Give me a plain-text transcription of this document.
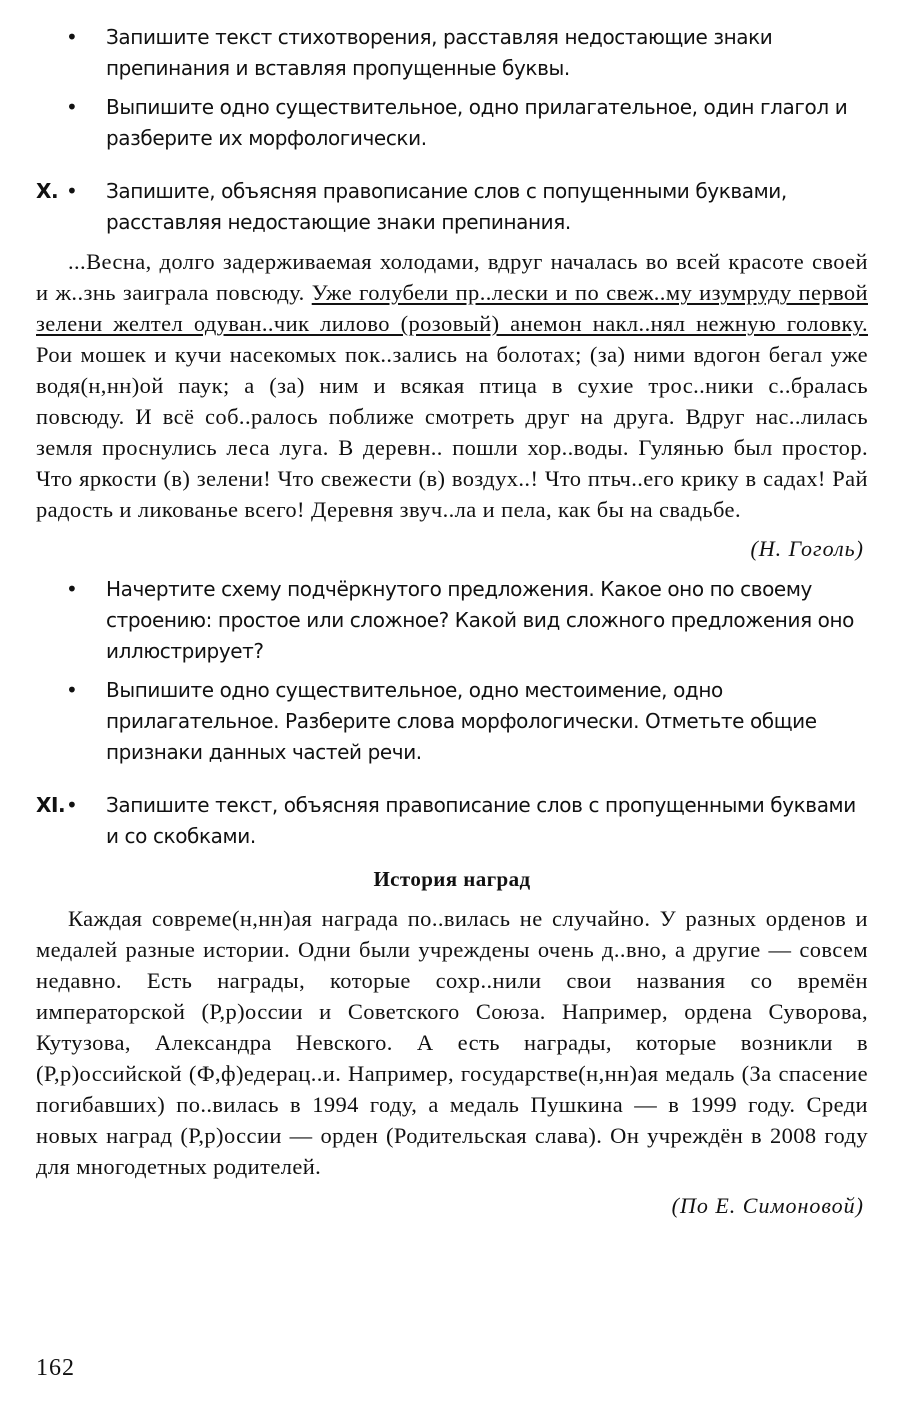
• Запишите текст стихотворения, расставляя недостающие знаки препинания и вставляя пропущенные буквы.
• Выпишите одно существительное, одно прилагательное, один глагол и разберите их морфологически.
X. • Запишите, объясняя правописание слов с попущенными буквами, расставляя недостающие знаки препинания.

...Весна, долго задерживаемая холодами, вдруг началась во всей красоте своей и ж..знь заиграла повсюду. Уже голубели пр..лески и по свеж..му изумруду первой зелени желтел одуван..чик лилово (розовый) анемон накл..нял нежную головку. Рои мошек и кучи насекомых пок..зались на болотах; (за) ними вдогон бегал уже водя(н,нн)ой паук; а (за) ним и всякая птица в сухие трос..ники с..бралась повсюду. И всё соб..ралось поближе смотреть друг на друга. Вдруг нас..лилась земля проснулись леса луга. В деревн.. пошли хор..воды. Гулянью был простор. Что яркости (в) зелени! Что свежести (в) воздух..! Что птьч..его крику в садах! Рай радость и ликованье всего! Деревня звуч..ла и пела, как бы на свадьбе.

(Н. Гоголь)
• Начертите схему подчёркнутого предложения. Какое оно по своему строению: простое или сложное? Какой вид сложного предложения оно иллюстрирует?
• Выпишите одно существительное, одно местоимение, одно прилагательное. Разберите слова морфологически. Отметьте общие признаки данных частей речи.
XI. • Запишите текст, объясняя правописание слов с пропущенными буквами и со скобками.
История наград

Каждая совреме(н,нн)ая награда по..вилась не случайно. У разных орденов и медалей разные истории. Одни были учреждены очень д..вно, а другие — совсем недавно. Есть награды, которые сохр..нили свои названия со времён императорской (Р,р)оссии и Советского Союза. Например, ордена Суворова, Кутузова, Александра Невского. А есть награды, которые возникли в (Р,р)оссийской (Ф,ф)едерац..и. Например, государстве(н,нн)ая медаль (За спасение погибавших) по..вилась в 1994 году, а медаль Пушкина — в 1999 году. Среди новых наград (Р,р)оссии — орден (Родительская слава). Он учреждён в 2008 году для многодетных родителей.

(По Е. Симоновой)
162
